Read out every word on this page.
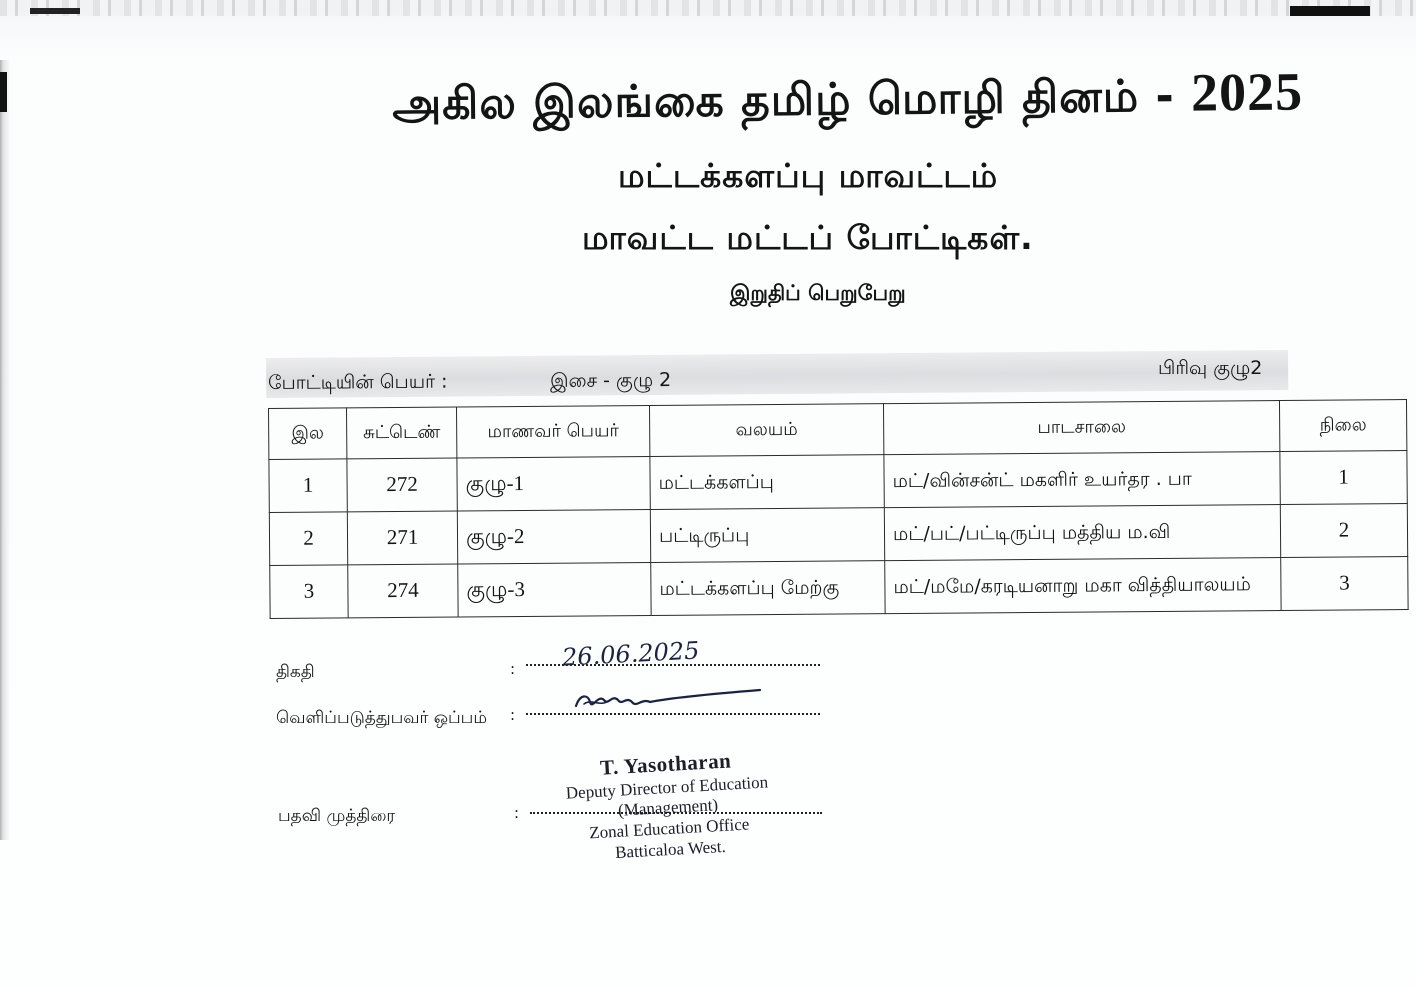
அகில இலங்கை தமிழ் மொழி தினம் - 2025
மட்டக்களப்பு மாவட்டம்
மாவட்ட மட்டப் போட்டிகள்.
இறுதிப் பெறுபேறு
போட்டியின் பெயர் :	இசை - குழு 2
பிரிவு குழு2
இல	சுட்டெண்	மாணவர் பெயர்	வலயம்	பாடசாலை	நிலை
1	272	குழு-1	மட்டக்களப்பு	மட்/வின்சன்ட் மகளிர் உயர்தர . பா	1
2	271	குழு-2	பட்டிருப்பு	மட்/பட்/பட்டிருப்பு மத்திய ம.வி	2
3	274	குழு-3	மட்டக்களப்பு மேற்கு	மட்/மமே/கரடியனாறு மகா வித்தியாலயம்	3
திகதி	: 26.06.2025
வெளிப்படுத்துபவர் ஒப்பம் :
பதவி முத்திரை	:
T. Yasotharan
Deputy Director of Education
(Management)
Zonal Education Office
Batticaloa West.
